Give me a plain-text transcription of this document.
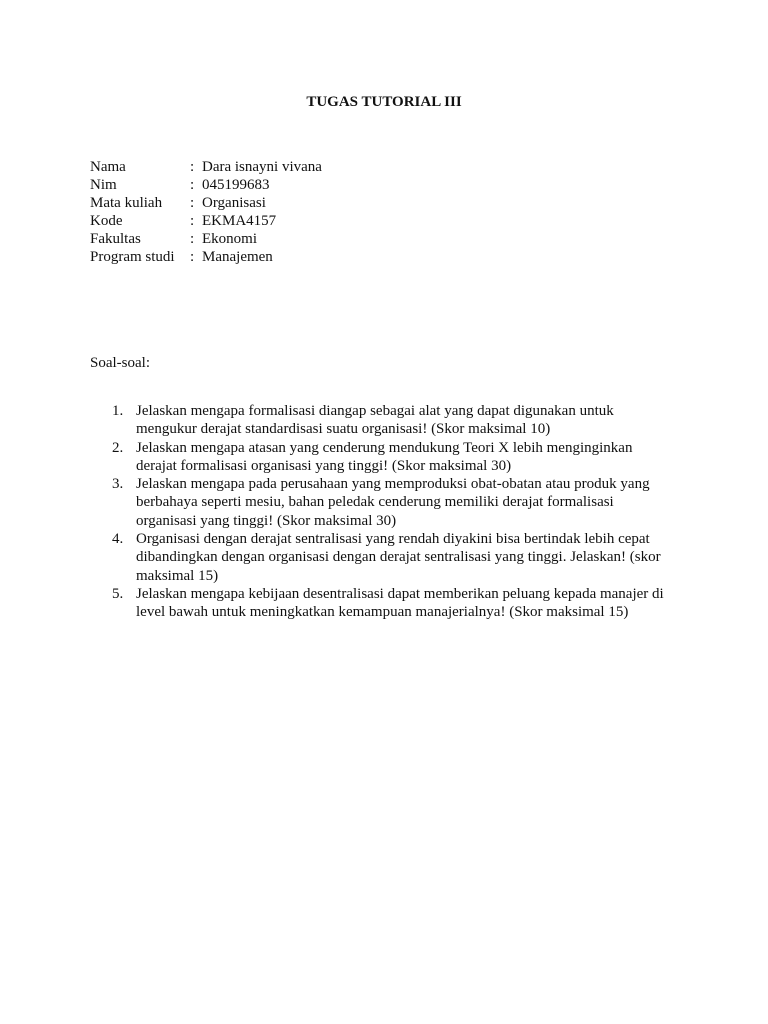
TUGAS TUTORIAL III
Nama	: Dara isnayni vivana
Nim	: 045199683
Mata kuliah	: Organisasi
Kode	: EKMA4157
Fakultas	: Ekonomi
Program studi	: Manajemen
Soal-soal:
1. Jelaskan mengapa formalisasi diangap sebagai alat yang dapat digunakan untuk mengukur derajat standardisasi suatu organisasi! (Skor maksimal 10)
2. Jelaskan mengapa atasan yang cenderung mendukung Teori X lebih menginginkan derajat formalisasi organisasi yang tinggi! (Skor maksimal 30)
3. Jelaskan mengapa pada perusahaan yang memproduksi obat-obatan atau produk yang berbahaya seperti mesiu, bahan peledak cenderung memiliki derajat formalisasi organisasi yang tinggi! (Skor maksimal 30)
4. Organisasi dengan derajat sentralisasi yang rendah diyakini bisa bertindak lebih cepat dibandingkan dengan organisasi dengan derajat sentralisasi yang tinggi. Jelaskan! (skor maksimal 15)
5. Jelaskan mengapa kebijaan desentralisasi dapat memberikan peluang kepada manajer di level bawah untuk meningkatkan kemampuan manajerialnya! (Skor maksimal 15)
